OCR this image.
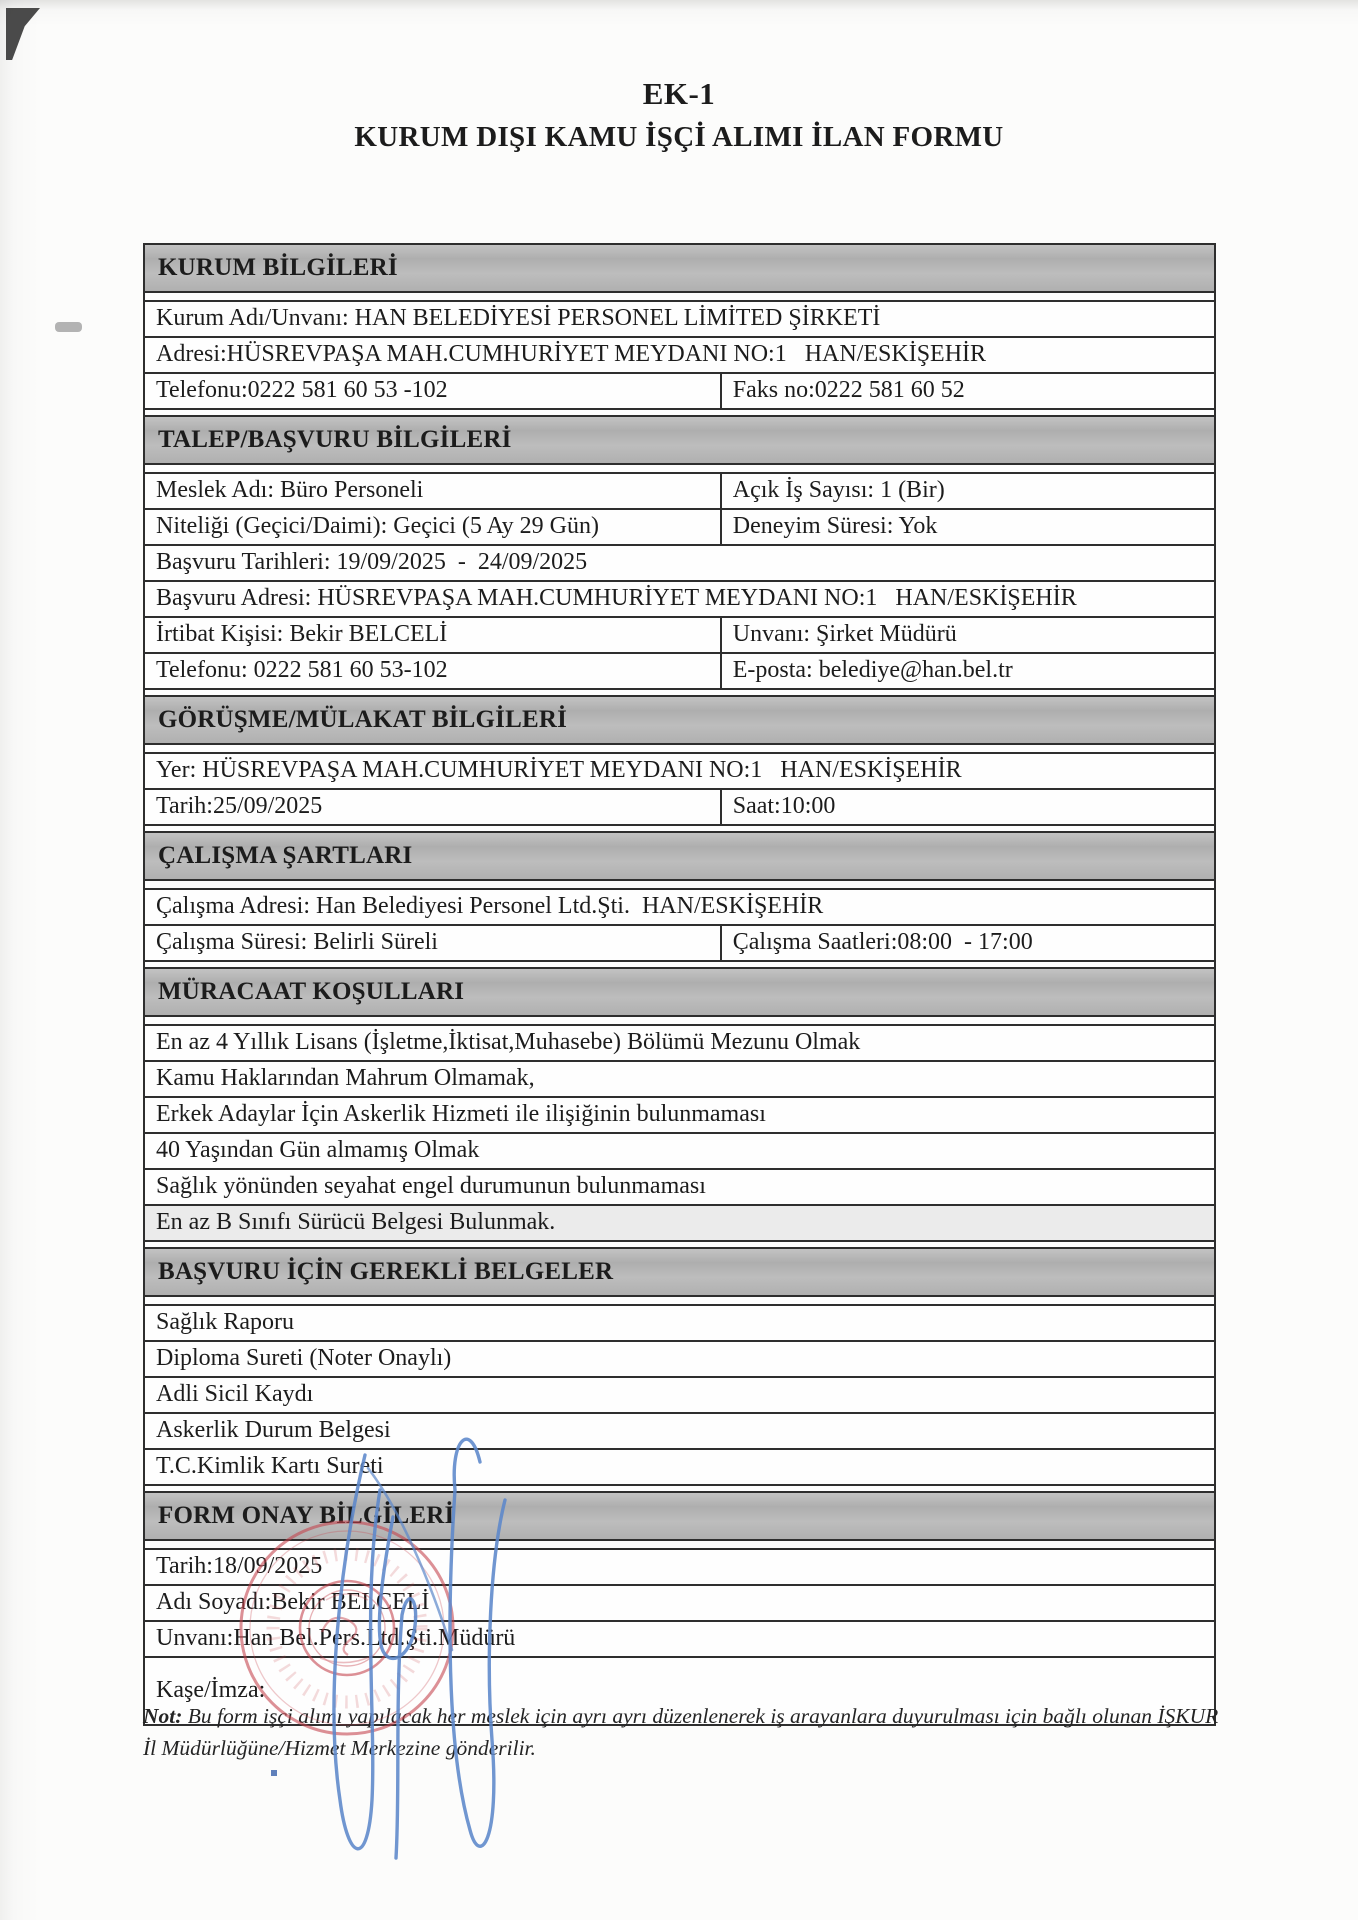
EK-1
KURUM DIŞI KAMU İŞÇİ ALIMI İLAN FORMU
KURUM BİLGİLERİ
Kurum Adı/Unvanı: HAN BELEDİYESİ PERSONEL LİMİTED ŞİRKETİ
Adresi:HÜSREVPAŞA MAH.CUMHURİYET MEYDANI NO:1   HAN/ESKİŞEHİR
Telefonu:0222 581 60 53 -102	Faks no:0222 581 60 52
TALEP/BAŞVURU BİLGİLERİ
Meslek Adı: Büro Personeli	Açık İş Sayısı: 1 (Bir)
Niteliği (Geçici/Daimi): Geçici (5 Ay 29 Gün)	Deneyim Süresi: Yok
Başvuru Tarihleri: 19/09/2025  -  24/09/2025
Başvuru Adresi: HÜSREVPAŞA MAH.CUMHURİYET MEYDANI NO:1   HAN/ESKİŞEHİR
İrtibat Kişisi: Bekir BELCELİ	Unvanı: Şirket Müdürü
Telefonu: 0222 581 60 53-102	E-posta: belediye@han.bel.tr
GÖRÜŞME/MÜLAKAT BİLGİLERİ
Yer: HÜSREVPAŞA MAH.CUMHURİYET MEYDANI NO:1   HAN/ESKİŞEHİR
Tarih:25/09/2025	Saat:10:00
ÇALIŞMA ŞARTLARI
Çalışma Adresi: Han Belediyesi Personel Ltd.Şti.  HAN/ESKİŞEHİR
Çalışma Süresi: Belirli Süreli	Çalışma Saatleri:08:00  - 17:00
MÜRACAAT KOŞULLARI
En az 4 Yıllık Lisans (İşletme,İktisat,Muhasebe) Bölümü Mezunu Olmak
Kamu Haklarından Mahrum Olmamak,
Erkek Adaylar İçin Askerlik Hizmeti ile ilişiğinin bulunmaması
40 Yaşından Gün almamış Olmak
Sağlık yönünden seyahat engel durumunun bulunmaması
En az B Sınıfı Sürücü Belgesi Bulunmak.
BAŞVURU İÇİN GEREKLİ BELGELER
Sağlık Raporu
Diploma Sureti (Noter Onaylı)
Adli Sicil Kaydı
Askerlik Durum Belgesi
T.C.Kimlik Kartı Sureti
FORM ONAY BİLGİLERİ
Tarih:18/09/2025
Adı Soyadı:Bekir BELCELİ
Unvanı:Han Bel.Pers.Ltd.Şti.Müdürü
Kaşe/İmza:
Not: Bu form işçi alımı yapılacak her meslek için ayrı ayrı düzenlenerek iş arayanlara duyurulması için bağlı olunan İŞKUR İl Müdürlüğüne/Hizmet Merkezine gönderilir.
